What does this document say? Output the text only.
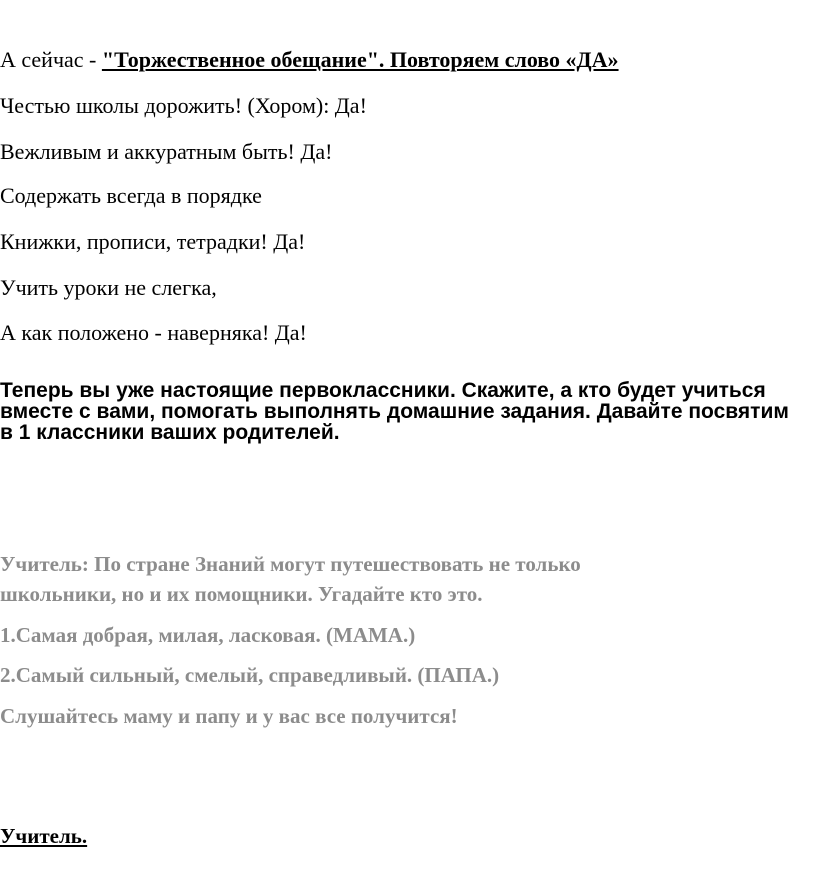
А сейчас - "Торжественное обещание". Повторяем слово «ДА»
Честью школы дорожить! (Хором): Да!
Вежливым и аккуратным быть! Да!
Содержать всегда в порядке
Книжки, прописи, тетрадки! Да!
Учить уроки не слегка,
А как положено - наверняка! Да!
Теперь вы уже настоящие первоклассники. Скажите, а кто будет учиться вместе с вами, помогать выполнять домашние задания. Давайте посвятим в 1 классники ваших родителей.
Учитель: По стране Знаний могут путешествовать не только
школьники, но и их помощники. Угадайте кто это.
1.Самая добрая, милая, ласковая. (МАМА.)
2.Самый сильный, смелый, справедливый. (ПАПА.)
Слушайтесь маму и папу и у вас все получится!
Учитель.
